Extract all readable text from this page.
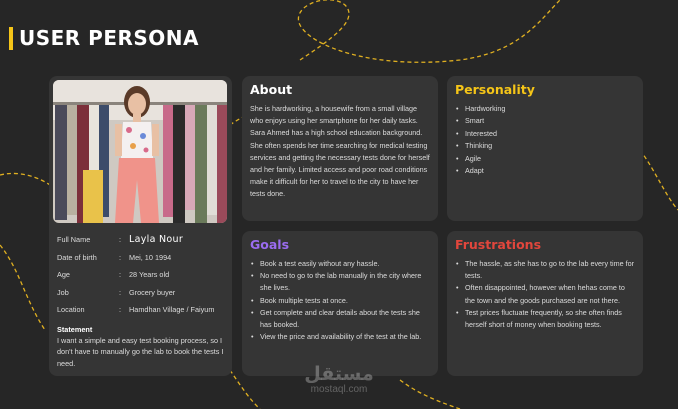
USER PERSONA
Full Name	: Layla Nour
Date of birth	:	Mei, 10 1994
Age	:	28 Years old
Job	:	Grocery buyer
Location	:	Hamdhan Village / Faiyum
Statement
I want a simple and easy test booking process, so I don't have to manually go the lab to book the tests I need.
About

She is hardworking, a housewife from a small village who enjoys using her smartphone for her daily tasks. Sara Ahmed has a high school education background. She often spends her time searching for medical testing services and getting the necessary tests done for herself and her family. Limited access and poor road conditions make it difficult for her to travel to the city to have her tests done.

Personality
• Hardworking
• Smart
• Interested
• Thinking
• Agile
• Adapt
Goals
• Book a test easily without any hassle.
• No need to go to the lab manually in the city where she lives.
• Book multiple tests at once.
• Get complete and clear details about the tests she has booked.
• View the price and availability of the test at the lab.
Frustrations
• The hassle, as she has to go to the lab every time for tests.
• Often disappointed, however when hehas come to the town and the goods purchased are not there.
• Test prices fluctuate frequently, so she often finds herself short of money when booking tests.
مستقل
mostaql.com
